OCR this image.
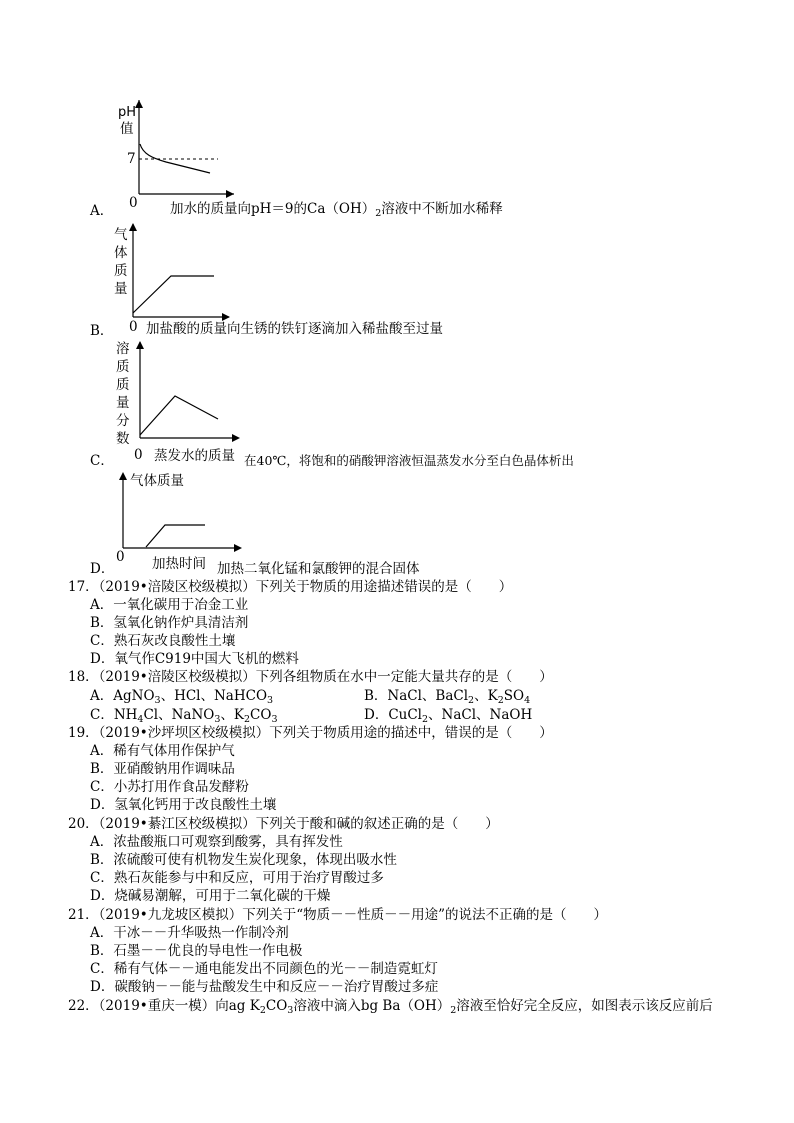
pH
值
7
0
A．	加水的质量向pH＝9的$Ca(OH)_2$溶液中不断加水稀释
气
体
质
量
0
B． 加盐酸的质量向生锈的铁钉逐滴加入稀盐酸至过量
溶
质
质
量
分
数
0
C．	蒸发水的质量 在40℃，将饱和的硝酸钾溶液恒温蒸发水分至白色晶体析出
气体质量
0
D．	加热时间 加热二氧化锰和氯酸钾的混合固体
17．（2019•涪陵区校级模拟）下列关于物质的用途描述错误的是（　　）
A．一氧化碳用于冶金工业
B．氢氧化钠作炉具清洁剂
C．熟石灰改良酸性土壤
D．氧气作C919中国大飞机的燃料
18．（2019•涪陵区校级模拟）下列各组物质在水中一定能大量共存的是（　　）
A．AgNO$_3$、HCl、NaHCO$_3$	B．NaCl、BaCl$_2$、$K_2SO_4$
C．$NH_4Cl$、NaNO$_3$、$K_2CO_3$	D．CuCl$_2$、NaCl、NaOH
19．（2019•沙坪坝区校级模拟）下列关于物质用途的描述中，错误的是（　　）
A．稀有气体用作保护气
B．亚硝酸钠用作调味品
C．小苏打用作食品发酵粉
D．氢氧化钙用于改良酸性土壤
20．（2019•綦江区校级模拟）下列关于酸和碱的叙述正确的是（　　）
A．浓盐酸瓶口可观察到酸雾，具有挥发性
B．浓硫酸可使有机物发生炭化现象，体现出吸水性
C．熟石灰能参与中和反应，可用于治疗胃酸过多
D．烧碱易潮解，可用于二氧化碳的干燥
21．（2019•九龙坡区模拟）下列关于“物质－－性质－－用途”的说法不正确的是（　　）
A．干冰－－升华吸热一作制冷剂
B．石墨－－优良的导电性一作电极
C．稀有气体－－通电能发出不同颜色的光－－制造霓虹灯
D．碳酸钠－－能与盐酸发生中和反应－－治疗胃酸过多症
22．（2019•重庆一模）向ag $K_2CO_3$溶液中滴入bg $Ba(OH)_2$溶液至恰好完全反应，如图表示该反应前后
